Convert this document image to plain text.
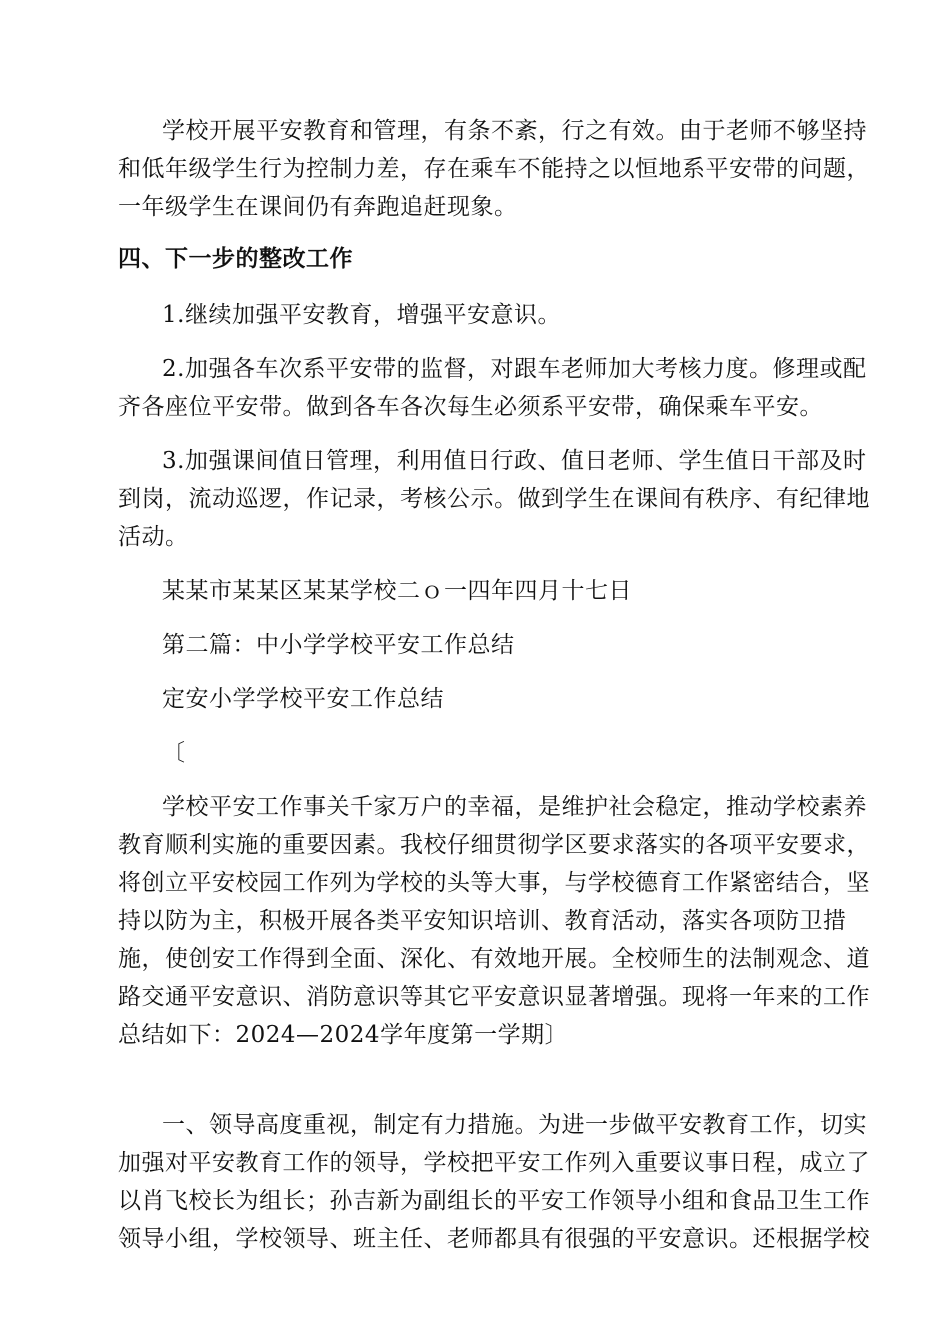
学校开展平安教育和管理，有条不紊，行之有效。由于老师不够坚持
和低年级学生行为控制力差，存在乘车不能持之以恒地系平安带的问题，
一年级学生在课间仍有奔跑追赶现象。

四、下一步的整改工作

1.继续加强平安教育，增强平安意识。

2.加强各车次系平安带的监督，对跟车老师加大考核力度。修理或配
齐各座位平安带。做到各车各次每生必须系平安带，确保乘车平安。

3.加强课间值日管理，利用值日行政、值日老师、学生值日干部及时
到岗，流动巡逻，作记录，考核公示。做到学生在课间有秩序、有纪律地
活动。

某某市某某区某某学校二ｏ一四年四月十七日

第二篇：中小学学校平安工作总结

定安小学学校平安工作总结

〔

学校平安工作事关千家万户的幸福，是维护社会稳定，推动学校素养
教育顺利实施的重要因素。我校仔细贯彻学区要求落实的各项平安要求，
将创立平安校园工作列为学校的头等大事，与学校德育工作紧密结合，坚
持以防为主，积极开展各类平安知识培训、教育活动，落实各项防卫措
施，使创安工作得到全面、深化、有效地开展。全校师生的法制观念、道
路交通平安意识、消防意识等其它平安意识显著增强。现将一年来的工作
总结如下：2024—2024学年度第一学期〕

一、领导高度重视，制定有力措施。为进一步做平安教育工作，切实
加强对平安教育工作的领导，学校把平安工作列入重要议事日程，成立了
以肖飞校长为组长；孙吉新为副组长的平安工作领导小组和食品卫生工作
领导小组，学校领导、班主任、老师都具有很强的平安意识。还根据学校
